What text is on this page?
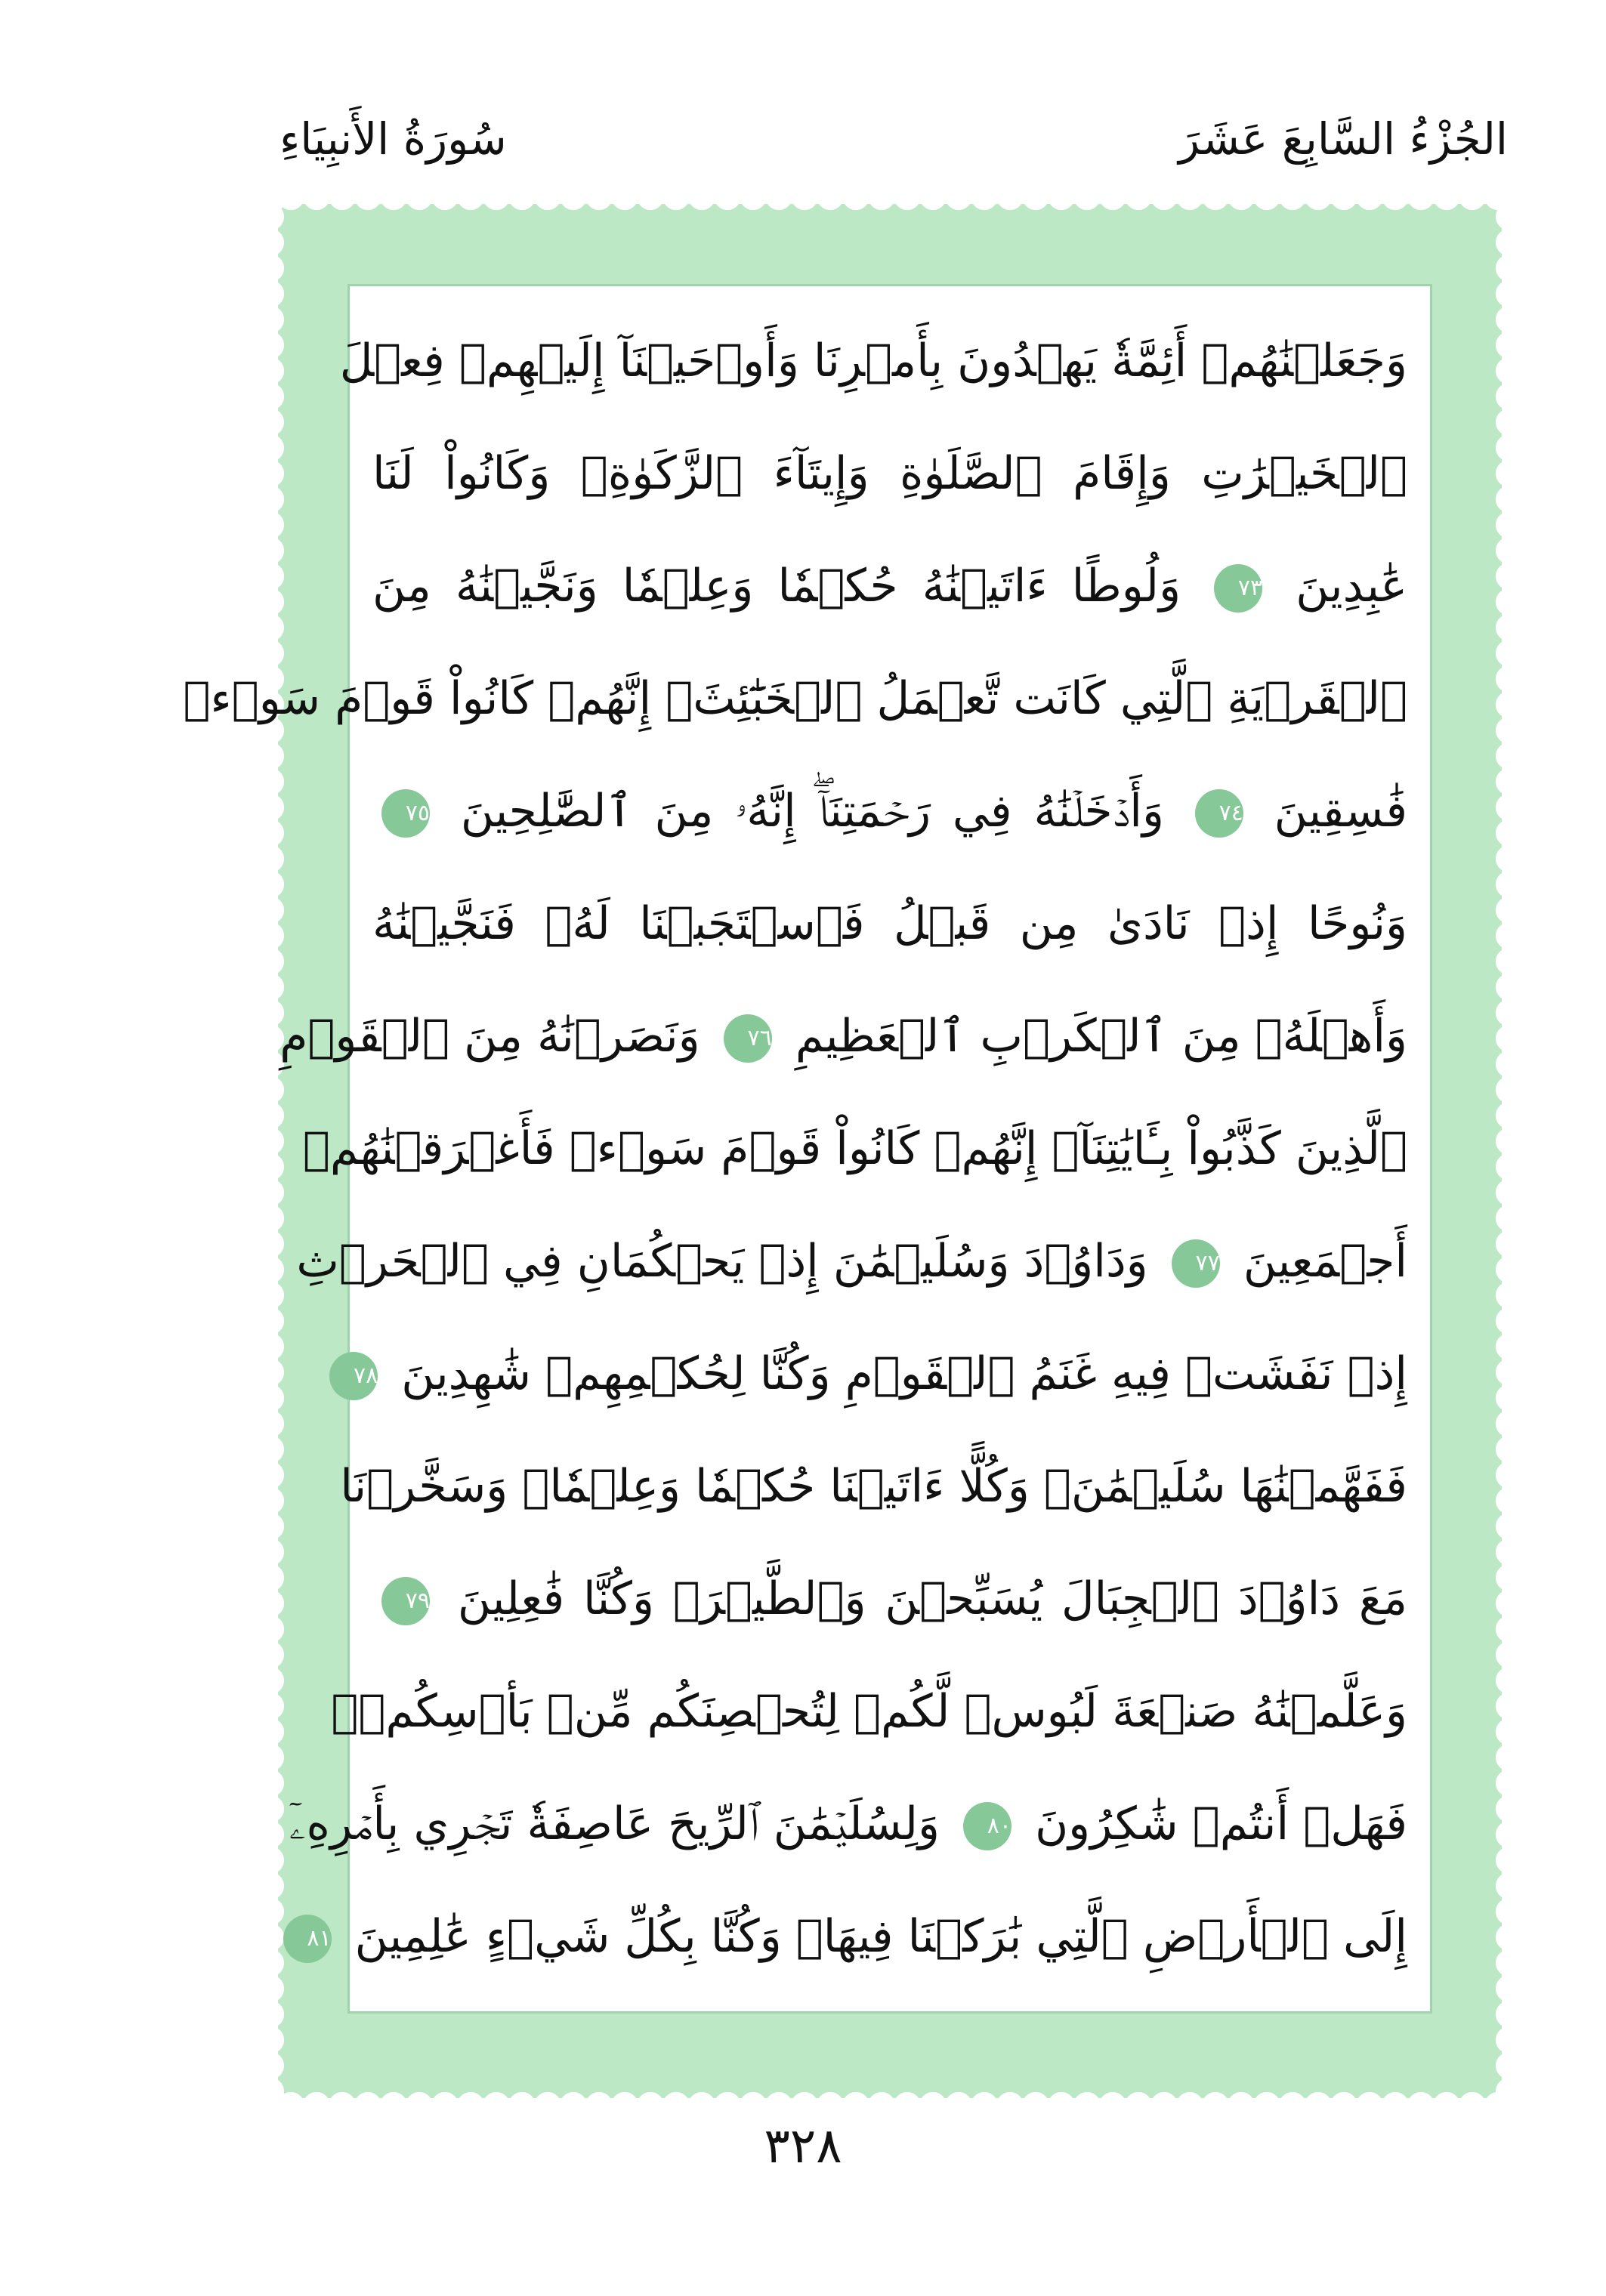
الجُزْءُ السَّابِعَ عَشَرَ
سُورَةُ الأَنبِيَاءِ
وَجَعَلۡنَٰهُمۡ أَئِمَّةٗ يَهۡدُونَ بِأَمۡرِنَا وَأَوۡحَيۡنَآ إِلَيۡهِمۡ فِعۡلَ
ٱلۡخَيۡرَٰتِ وَإِقَامَ ٱلصَّلَوٰةِ وَإِيتَآءَ ٱلزَّكَوٰةِۖ وَكَانُواْ لَنَا
عَٰبِدِينَ ٧٣ وَلُوطًا ءَاتَيۡنَٰهُ حُكۡمٗا وَعِلۡمٗا وَنَجَّيۡنَٰهُ مِنَ
ٱلۡقَرۡيَةِ ٱلَّتِي كَانَت تَّعۡمَلُ ٱلۡخَبَٰٓئِثَۚ إِنَّهُمۡ كَانُواْ قَوۡمَ سَوۡءٖ
فَٰسِقِينَ ٧٤ وَأَدۡخَلۡنَٰهُ فِي رَحۡمَتِنَآۖ إِنَّهُۥ مِنَ ٱلصَّٰلِحِينَ ٧٥
وَنُوحًا إِذۡ نَادَىٰ مِن قَبۡلُ فَٱسۡتَجَبۡنَا لَهُۥ فَنَجَّيۡنَٰهُ
وَأَهۡلَهُۥ مِنَ ٱلۡكَرۡبِ ٱلۡعَظِيمِ ٧٦ وَنَصَرۡنَٰهُ مِنَ ٱلۡقَوۡمِ
ٱلَّذِينَ كَذَّبُواْ بِـَٔايَٰتِنَآۚ إِنَّهُمۡ كَانُواْ قَوۡمَ سَوۡءٖ فَأَغۡرَقۡنَٰهُمۡ
أَجۡمَعِينَ ٧٧ وَدَاوُۥدَ وَسُلَيۡمَٰنَ إِذۡ يَحۡكُمَانِ فِي ٱلۡحَرۡثِ
إِذۡ نَفَشَتۡ فِيهِ غَنَمُ ٱلۡقَوۡمِ وَكُنَّا لِحُكۡمِهِمۡ شَٰهِدِينَ ٧٨
فَفَهَّمۡنَٰهَا سُلَيۡمَٰنَۚ وَكُلًّا ءَاتَيۡنَا حُكۡمٗا وَعِلۡمٗاۚ وَسَخَّرۡنَا
مَعَ دَاوُۥدَ ٱلۡجِبَالَ يُسَبِّحۡنَ وَٱلطَّيۡرَۚ وَكُنَّا فَٰعِلِينَ ٧٩
وَعَلَّمۡنَٰهُ صَنۡعَةَ لَبُوسٖ لَّكُمۡ لِتُحۡصِنَكُم مِّنۢ بَأۡسِكُمۡۖ
فَهَلۡ أَنتُمۡ شَٰكِرُونَ ٨٠ وَلِسُلَيۡمَٰنَ ٱلرِّيحَ عَاصِفَةٗ تَجۡرِي بِأَمۡرِهِۦٓ
إِلَى ٱلۡأَرۡضِ ٱلَّتِي بَٰرَكۡنَا فِيهَاۚ وَكُنَّا بِكُلِّ شَيۡءٍ عَٰلِمِينَ ٨١
٣٢٨
